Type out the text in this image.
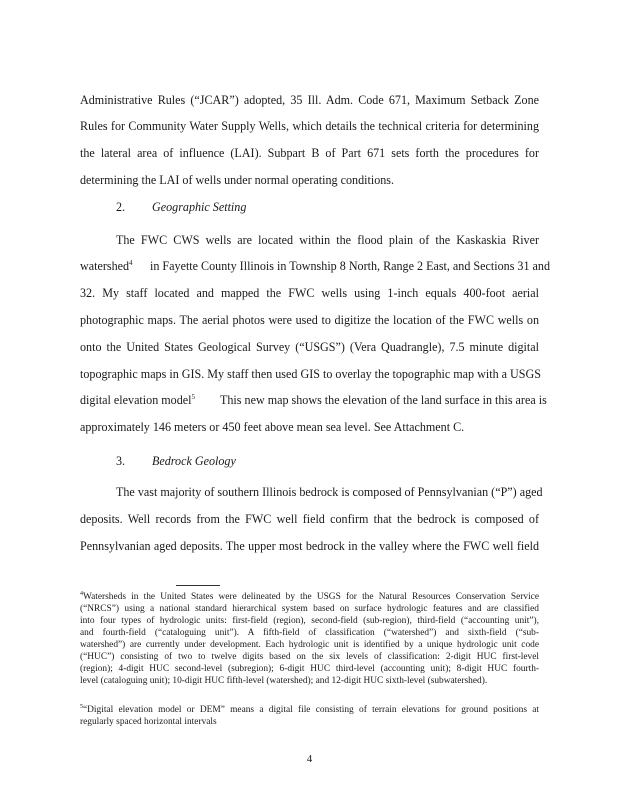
Administrative Rules (“JCAR”) adopted, 35 Ill. Adm. Code 671, Maximum Setback Zone
Rules for Community Water Supply Wells, which details the technical criteria for determining
the lateral area of influence (LAI). Subpart B of Part 671 sets forth the procedures for
determining the LAI of wells under normal operating conditions.
2. Geographic Setting
The FWC CWS wells are located within the flood plain of the Kaskaskia River
in Fayette County Illinois in Township 8 North, Range 2 East, and Sections 31 and
watershed$^4$
32. My staff located and mapped the FWC wells using 1-inch equals 400-foot aerial
photographic maps. The aerial photos were used to digitize the location of the FWC wells on
onto the United States Geological Survey (“USGS”) (Vera Quadrangle), 7.5 minute digital
topographic maps in GIS. My staff then used GIS to overlay the topographic map with a USGS
digital elevation model$^5$ This new map shows the elevation of the land surface in this area is
approximately 146 meters or 450 feet above mean sea level. See Attachment C.
3. Bedrock Geology
The vast majority of southern Illinois bedrock is composed of Pennsylvanian (“P”) aged
deposits. Well records from the FWC well field confirm that the bedrock is composed of
Pennsylvanian aged deposits. The upper most bedrock in the valley where the FWC well field
$^4$Watersheds in the United States were delineated by the USGS for the Natural Resources Conservation Service
(“NRCS”) using a national standard hierarchical system based on surface hydrologic features and are classified
into four types of hydrologic units: first-field (region), second-field (sub-region), third-field (“accounting unit”),
and fourth-field (“cataloguing unit”). A fifth-field of classification (“watershed”) and sixth-field (“sub-
watershed”) are currently under development. Each hydrologic unit is identified by a unique hydrologic unit code
(“HUC”) consisting of two to twelve digits based on the six levels of classification: 2-digit HUC first-level
(region); 4-digit HUC second-level (subregion); 6-digit HUC third-level (accounting unit); 8-digit HUC fourth-
level (cataloguing unit); 10-digit HUC fifth-level (watershed); and 12-digit HUC sixth-level (subwatershed).
$^5$“Digital elevation model or DEM” means a digital file consisting of terrain elevations for ground positions at
regularly spaced horizontal intervals
4
